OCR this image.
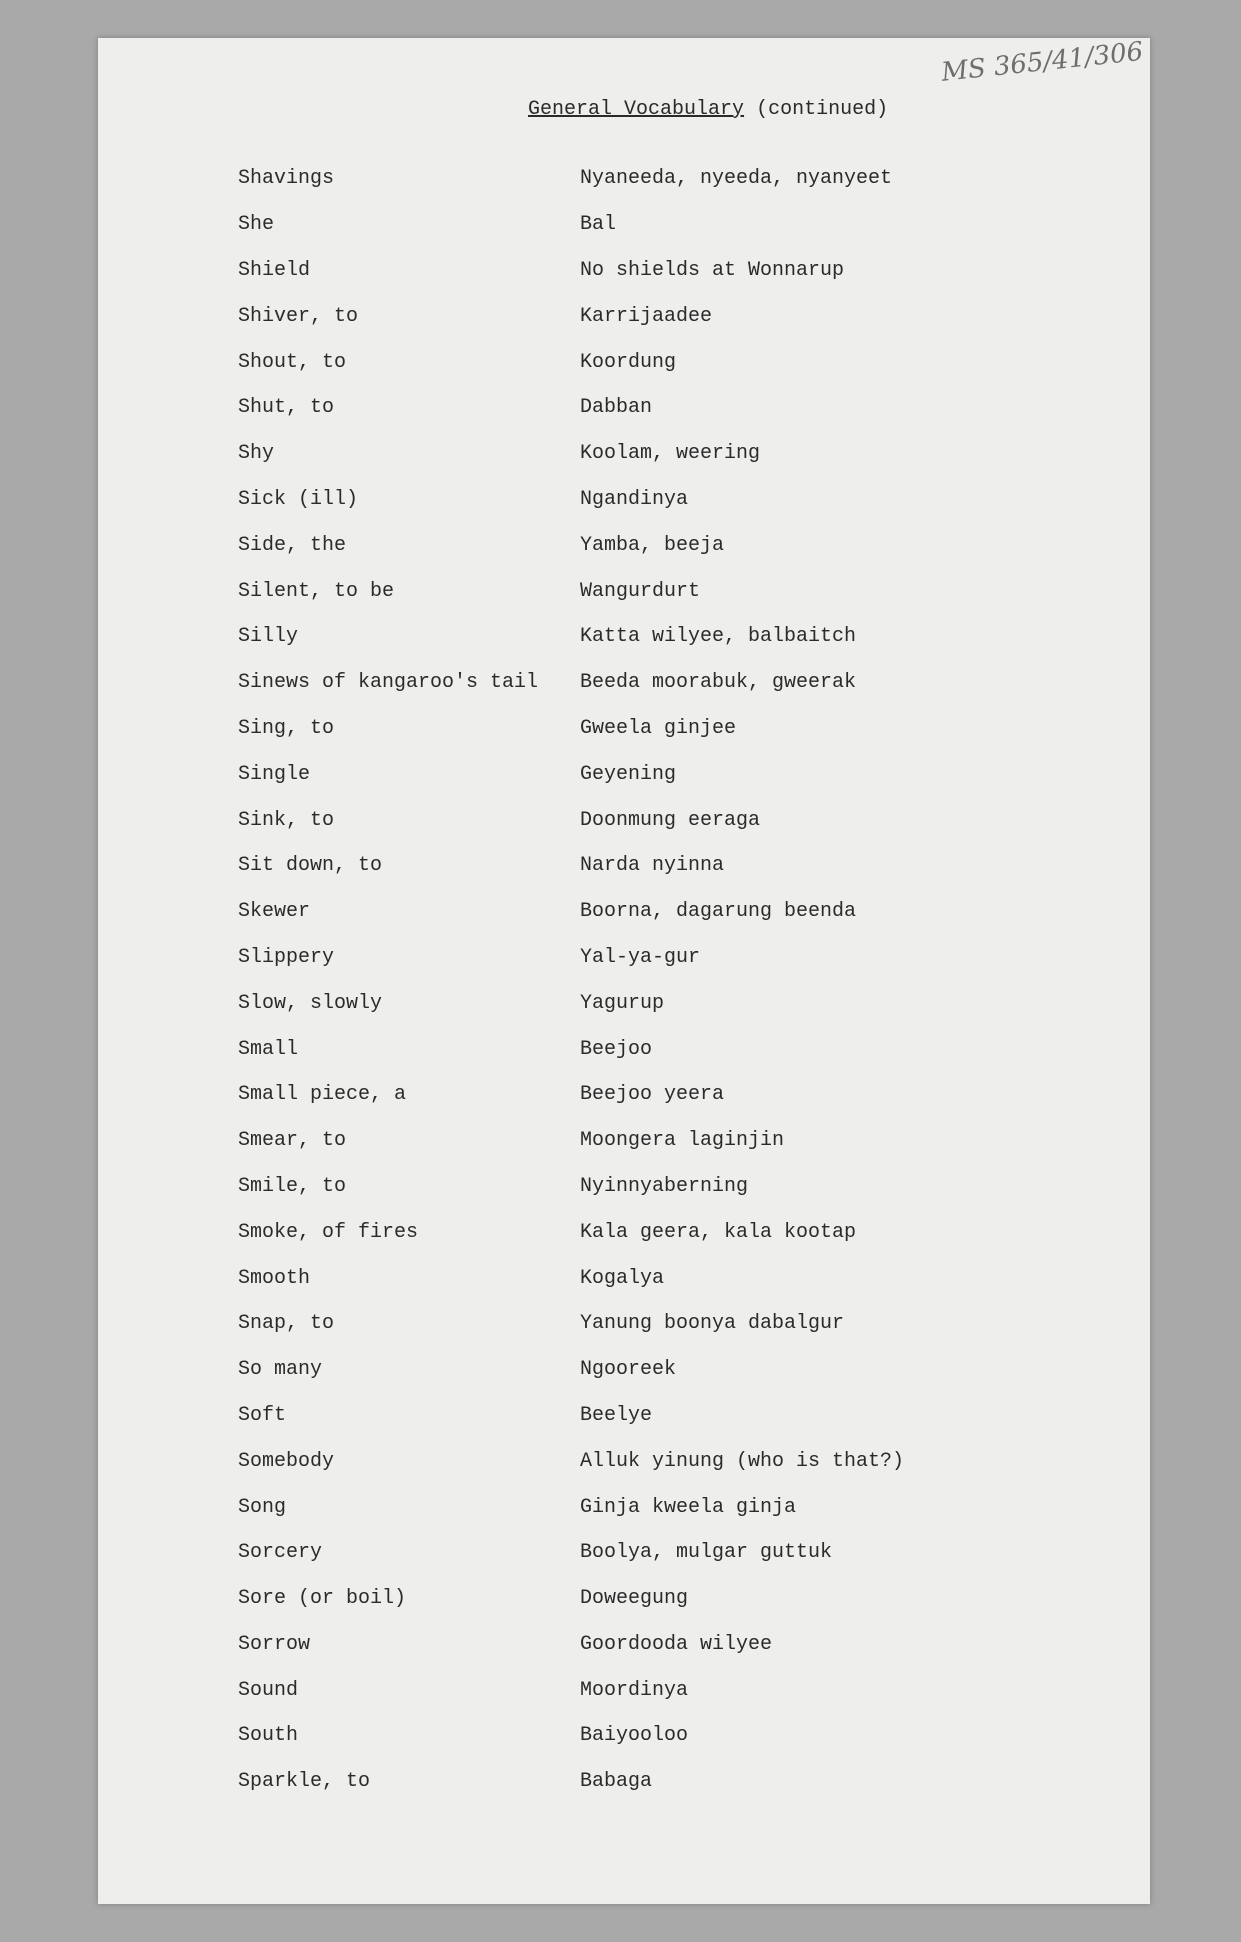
MS 365/41/306
General Vocabulary (continued)
Shavings	Nyaneeda, nyeeda, nyanyeet
She	Bal
Shield	No shields at Wonnarup
Shiver, to	Karrijaadee
Shout, to	Koordung
Shut, to	Dabban
Shy	Koolam, weering
Sick (ill)	Ngandinya
Side, the	Yamba, beeja
Silent, to be	Wangurdurt
Silly	Katta wilyee, balbaitch
Sinews of kangaroo's tail	Beeda moorabuk, gweerak
Sing, to	Gweela ginjee
Single	Geyening
Sink, to	Doonmung eeraga
Sit down, to	Narda nyinna
Skewer	Boorna, dagarung beenda
Slippery	Yal-ya-gur
Slow, slowly	Yagurup
Small	Beejoo
Small piece, a	Beejoo yeera
Smear, to	Moongera laginjin
Smile, to	Nyinnyaberning
Smoke, of fires	Kala geera, kala kootap
Smooth	Kogalya
Snap, to	Yanung boonya dabalgur
So many	Ngooreek
Soft	Beelye
Somebody	Alluk yinung (who is that?)
Song	Ginja kweela ginja
Sorcery	Boolya, mulgar guttuk
Sore (or boil)	Doweegung
Sorrow	Goordooda wilyee
Sound	Moordinya
South	Baiyooloo
Sparkle, to	Babaga
